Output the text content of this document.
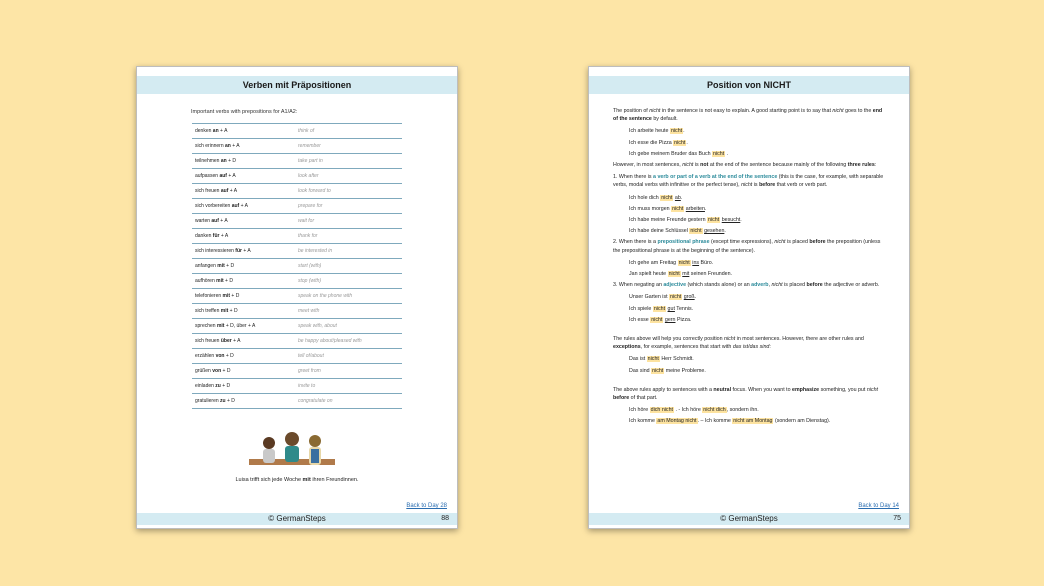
Verben mit Präpositionen
Important verbs with prepositions for A1/A2:
denken an + A	think of
sich erinnern an + A	remember
teilnehmen an + D	take part in
aufpassen auf + A	look after
sich freuen auf + A	look forward to
sich vorbereiten auf + A	prepare for
warten auf + A	wait for
danken für + A	thank for
sich interessieren für + A	be interested in
anfangen mit + D	start (with)
aufhören mit + D	stop (with)
telefonieren mit + D	speak on the phone with
sich treffen mit + D	meet with
sprechen mit + D, über + A	speak with, about
sich freuen über + A	be happy about/pleased with
erzählen von + D	tell of/about
grüßen von + D	greet from
einladen zu + D	invite to
gratulieren zu + D	congratulate on
Luisa trifft sich jede Woche mit ihren Freundinnen.
Back to Day 28
© GermanSteps	88
Position von NICHT

The position of nicht in the sentence is not easy to explain. A good starting point is to say that nicht goes to the end of the sentence by default.

Ich arbeite heute nicht.
Ich esse die Pizza nicht.
Ich gebe meinem Bruder das Buch nicht .

However, in most sentences, nicht is not at the end of the sentence because mainly of the following three rules:

1. When there is a verb or part of a verb at the end of the sentence (this is the case, for example, with separable verbs, modal verbs with infinitive or the perfect tense), nicht is before that verb or verb part.

Ich hole dich nicht ab.
Ich muss morgen nicht arbeiten.
Ich habe meine Freunde gestern nicht besucht.
Ich habe deine Schlüssel nicht gesehen.

2. When there is a prepositional phrase (except time expressions), nicht is placed before the preposition (unless the prepositional phrase is at the beginning of the sentence).

Ich gehe am Freitag nicht ins Büro.
Jan spielt heute nicht mit seinen Freunden.

3. When negating an adjective (which stands alone) or an adverb, nicht is placed before the adjective or adverb.

Unser Garten ist nicht groß.
Ich spiele nicht gut Tennis.
Ich esse nicht gern Pizza.

The rules above will help you correctly position nicht in most sentences. However, there are other rules and exceptions, for example, sentences that start with das ist/das sind:

Das ist nicht Herr Schmidt.
Das sind nicht meine Probleme.

The above rules apply to sentences with a neutral focus. When you want to emphasize something, you put nicht before of that part.

Ich höre dich nicht . - Ich höre nicht dich, sondern ihn.
Ich komme am Montag nicht. – Ich komme nicht am Montag (sondern am Dienstag).
Back to Day 14
© GermanSteps	75
